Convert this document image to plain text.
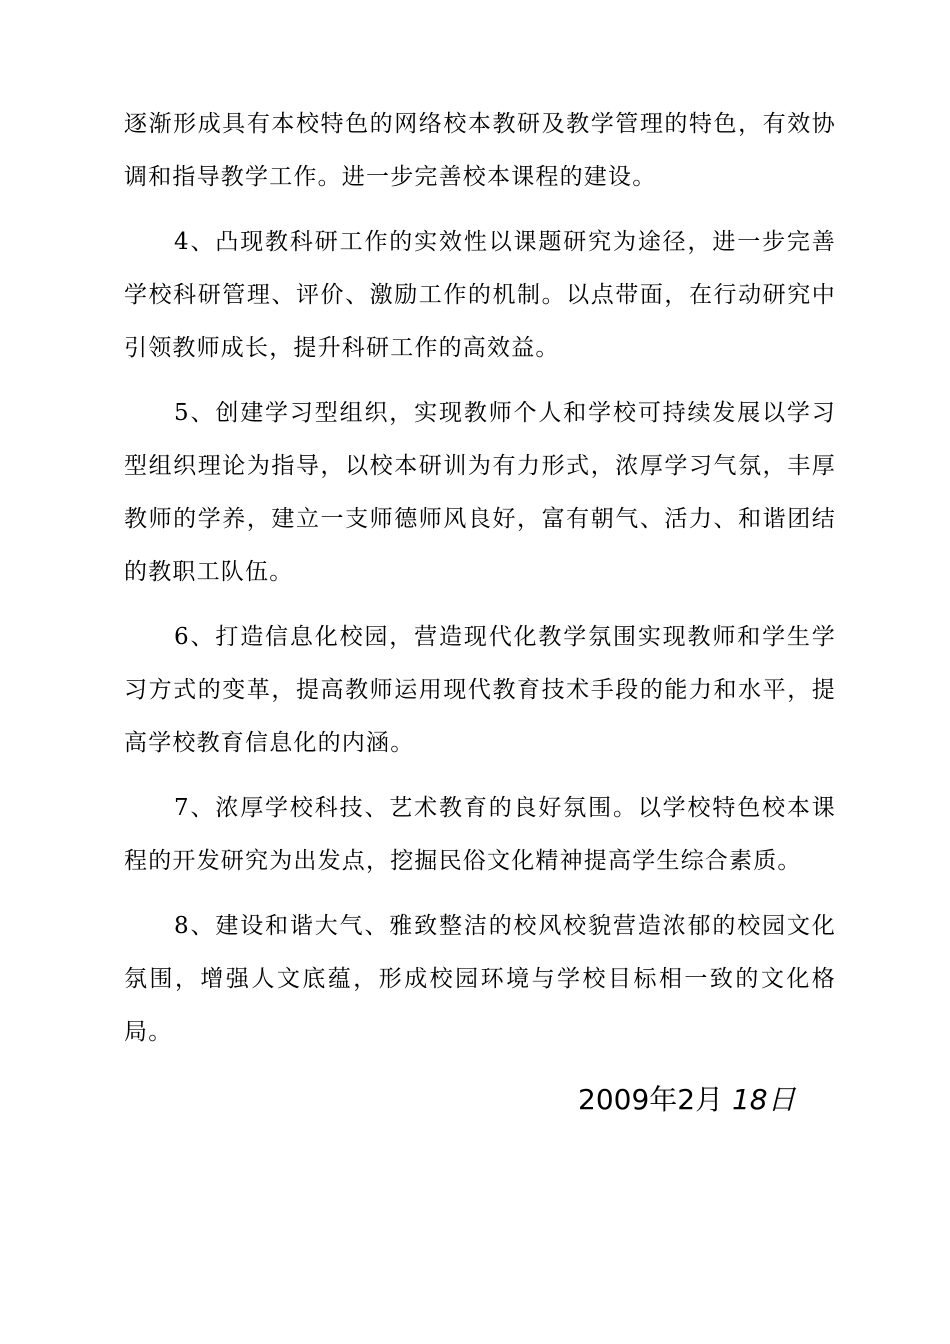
逐渐形成具有本校特色的网络校本教研及教学管理的特色，有效协调和指导教学工作。进一步完善校本课程的建设。

4、凸现教科研工作的实效性以课题研究为途径，进一步完善学校科研管理、评价、激励工作的机制。以点带面，在行动研究中引领教师成长，提升科研工作的高效益。

5、创建学习型组织，实现教师个人和学校可持续发展以学习型组织理论为指导，以校本研训为有力形式，浓厚学习气氛，丰厚教师的学养，建立一支师德师风良好，富有朝气、活力、和谐团结的教职工队伍。

6、打造信息化校园，营造现代化教学氛围实现教师和学生学习方式的变革，提高教师运用现代教育技术手段的能力和水平，提高学校教育信息化的内涵。

7、浓厚学校科技、艺术教育的良好氛围。以学校特色校本课程的开发研究为出发点，挖掘民俗文化精神提高学生综合素质。

8、建设和谐大气、雅致整洁的校风校貌营造浓郁的校园文化氛围，增强人文底蕴，形成校园环境与学校目标相一致的文化格局。

2009年2月 18日
